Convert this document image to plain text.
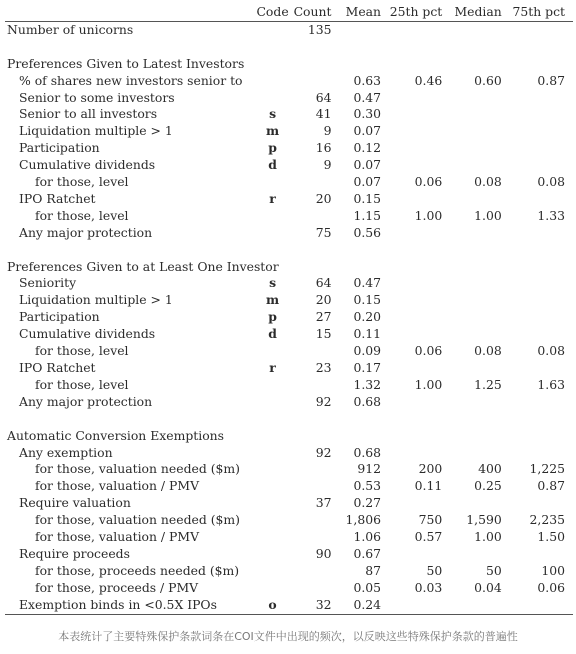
	Code	Count	Mean	25th pct	Median	75th pct
Number of unicorns		135				

Preferences Given to Latest Investors						
% of shares new investors senior to			0.63	0.46	0.60	0.87
Senior to some investors		64	0.47			
Senior to all investors	s	41	0.30			
Liquidation multiple > 1	m	9	0.07			
Participation	p	16	0.12			
Cumulative dividends	d	9	0.07			
for those, level			0.07	0.06	0.08	0.08
IPO Ratchet	r	20	0.15			
for those, level			1.15	1.00	1.00	1.33
Any major protection		75	0.56			

Preferences Given to at Least One Investor						
Seniority	s	64	0.47			
Liquidation multiple > 1	m	20	0.15			
Participation	p	27	0.20			
Cumulative dividends	d	15	0.11			
for those, level			0.09	0.06	0.08	0.08
IPO Ratchet	r	23	0.17			
for those, level			1.32	1.00	1.25	1.63
Any major protection		92	0.68			

Automatic Conversion Exemptions						
Any exemption		92	0.68			
for those, valuation needed ($m)			912	200	400	1,225
for those, valuation / PMV			0.53	0.11	0.25	0.87
Require valuation		37	0.27			
for those, valuation needed ($m)			1,806	750	1,590	2,235
for those, valuation / PMV			1.06	0.57	1.00	1.50
Require proceeds		90	0.67			
for those, proceeds needed ($m)			87	50	50	100
for those, proceeds / PMV			0.05	0.03	0.04	0.06
Exemption binds in <0.5X IPOs	o	32	0.24			
本表统计了主要特殊保护条款词条在COI文件中出现的频次，以反映这些特殊保护条款的普遍性
